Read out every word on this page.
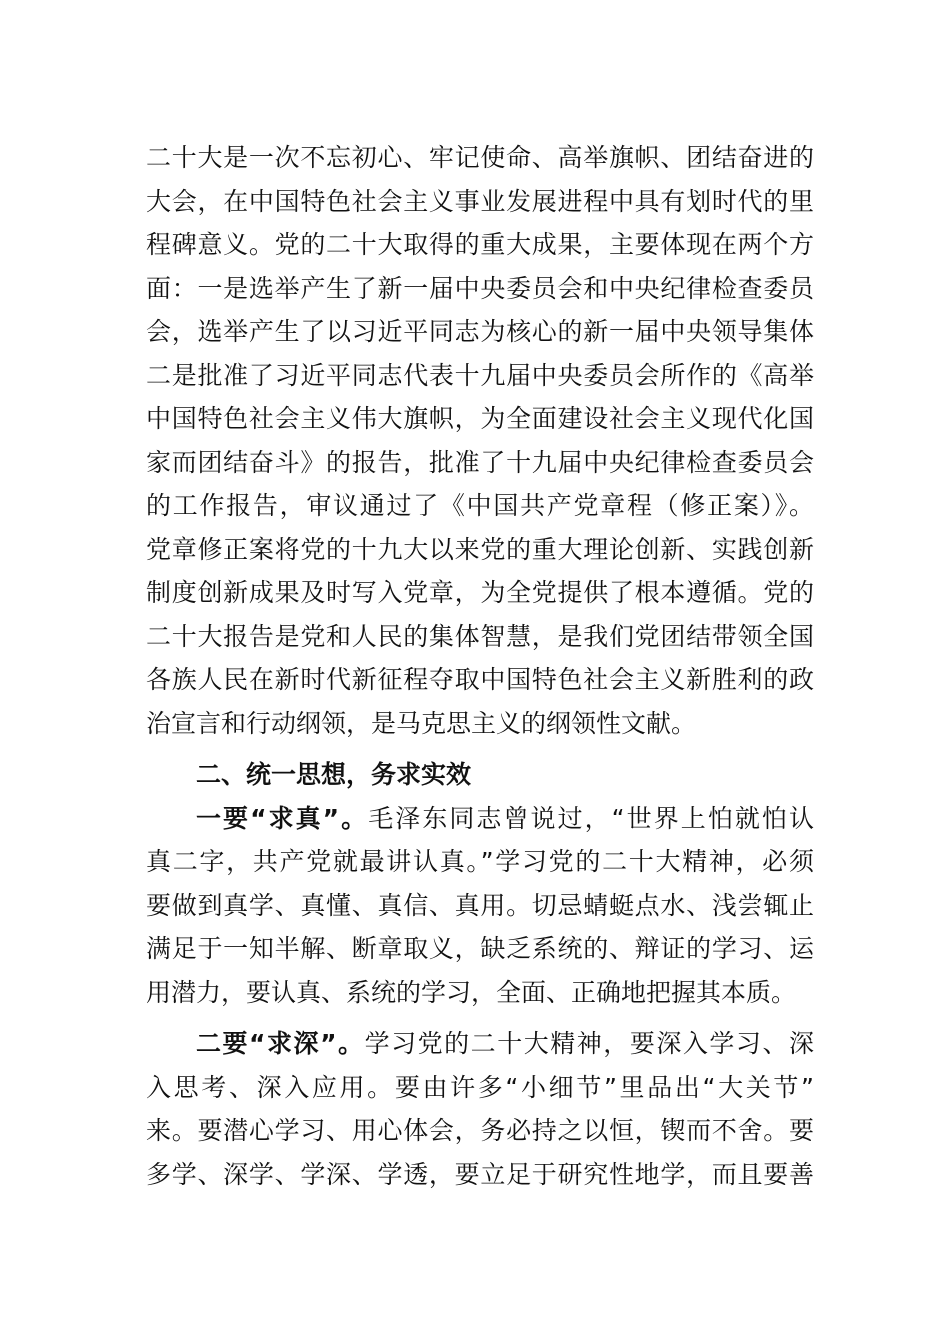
二十大是一次不忘初心、牢记使命、高举旗帜、团结奋进的
大会，在中国特色社会主义事业发展进程中具有划时代的里
程碑意义。党的二十大取得的重大成果，主要体现在两个方
面：一是选举产生了新一届中央委员会和中央纪律检查委员
会，选举产生了以习近平同志为核心的新一届中央领导集体
二是批准了习近平同志代表十九届中央委员会所作的《高举
中国特色社会主义伟大旗帜，为全面建设社会主义现代化国
家而团结奋斗》的报告，批准了十九届中央纪律检查委员会
的工作报告，审议通过了《中国共产党章程（修正案）》。
党章修正案将党的十九大以来党的重大理论创新、实践创新
制度创新成果及时写入党章，为全党提供了根本遵循。党的
二十大报告是党和人民的集体智慧，是我们党团结带领全国
各族人民在新时代新征程夺取中国特色社会主义新胜利的政
治宣言和行动纲领，是马克思主义的纲领性文献。
二、统一思想，务求实效
一要“求真”。毛泽东同志曾说过，“世界上怕就怕认
真二字，共产党就最讲认真。”学习党的二十大精神，必须
要做到真学、真懂、真信、真用。切忌蜻蜓点水、浅尝辄止
满足于一知半解、断章取义，缺乏系统的、辩证的学习、运
用潜力，要认真、系统的学习，全面、正确地把握其本质。
二要“求深”。学习党的二十大精神，要深入学习、深
入思考、深入应用。要由许多“小细节”里品出“大关节”
来。要潜心学习、用心体会，务必持之以恒，锲而不舍。要
多学、深学、学深、学透，要立足于研究性地学，而且要善
